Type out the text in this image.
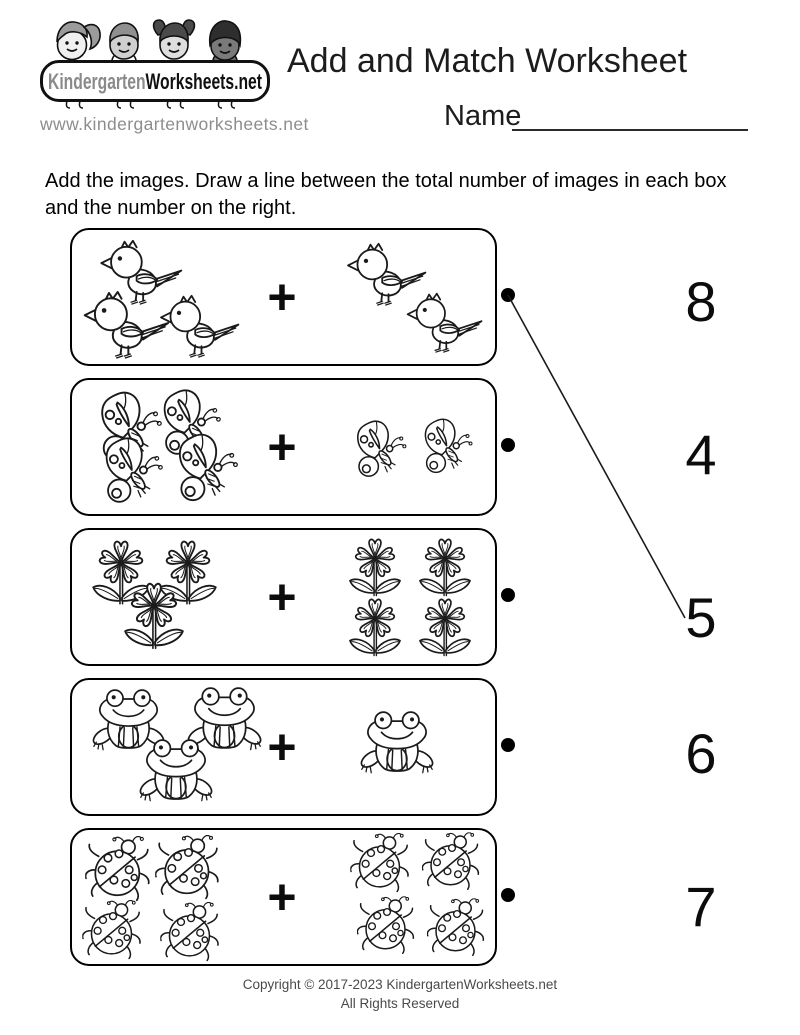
KindergartenWorksheets.net
www.kindergartenworksheets.net
Add and Match Worksheet
Name
Add the images. Draw a line between the total number of images in each box and the number on the right.
+	8
+	4
+	5
+	6
+	7
Copyright © 2017-2023 KindergartenWorksheets.net
All Rights Reserved
